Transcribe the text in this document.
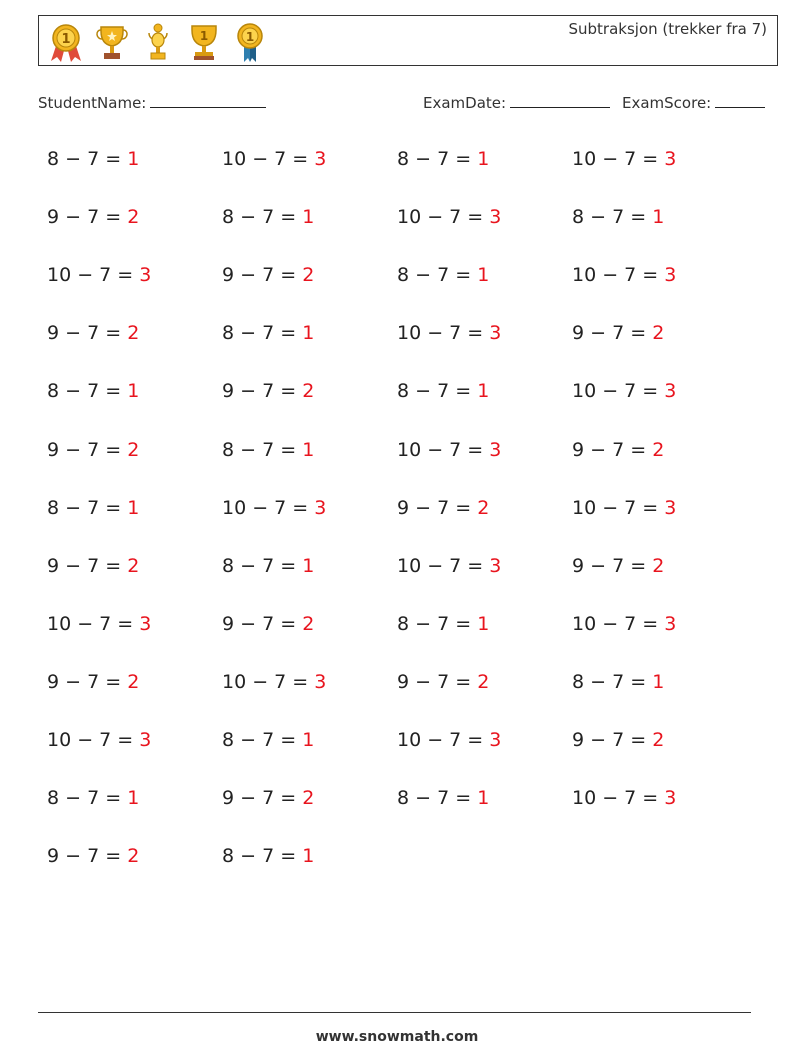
1	1	1	Subtraksjon (trekker fra 7)
StudentName:	ExamDate:	ExamScore:
8 − 7 = 1	10 − 7 = 3	8 − 7 = 1	10 − 7 = 3
9 − 7 = 2	8 − 7 = 1	10 − 7 = 3	8 − 7 = 1
10 − 7 = 3	9 − 7 = 2	8 − 7 = 1	10 − 7 = 3
9 − 7 = 2	8 − 7 = 1	10 − 7 = 3	9 − 7 = 2
8 − 7 = 1	9 − 7 = 2	8 − 7 = 1	10 − 7 = 3
9 − 7 = 2	8 − 7 = 1	10 − 7 = 3	9 − 7 = 2
8 − 7 = 1	10 − 7 = 3	9 − 7 = 2	10 − 7 = 3
9 − 7 = 2	8 − 7 = 1	10 − 7 = 3	9 − 7 = 2
10 − 7 = 3	9 − 7 = 2	8 − 7 = 1	10 − 7 = 3
9 − 7 = 2	10 − 7 = 3	9 − 7 = 2	8 − 7 = 1
10 − 7 = 3	8 − 7 = 1	10 − 7 = 3	9 − 7 = 2
8 − 7 = 1	9 − 7 = 2	8 − 7 = 1	10 − 7 = 3
9 − 7 = 2	8 − 7 = 1
www.snowmath.com
